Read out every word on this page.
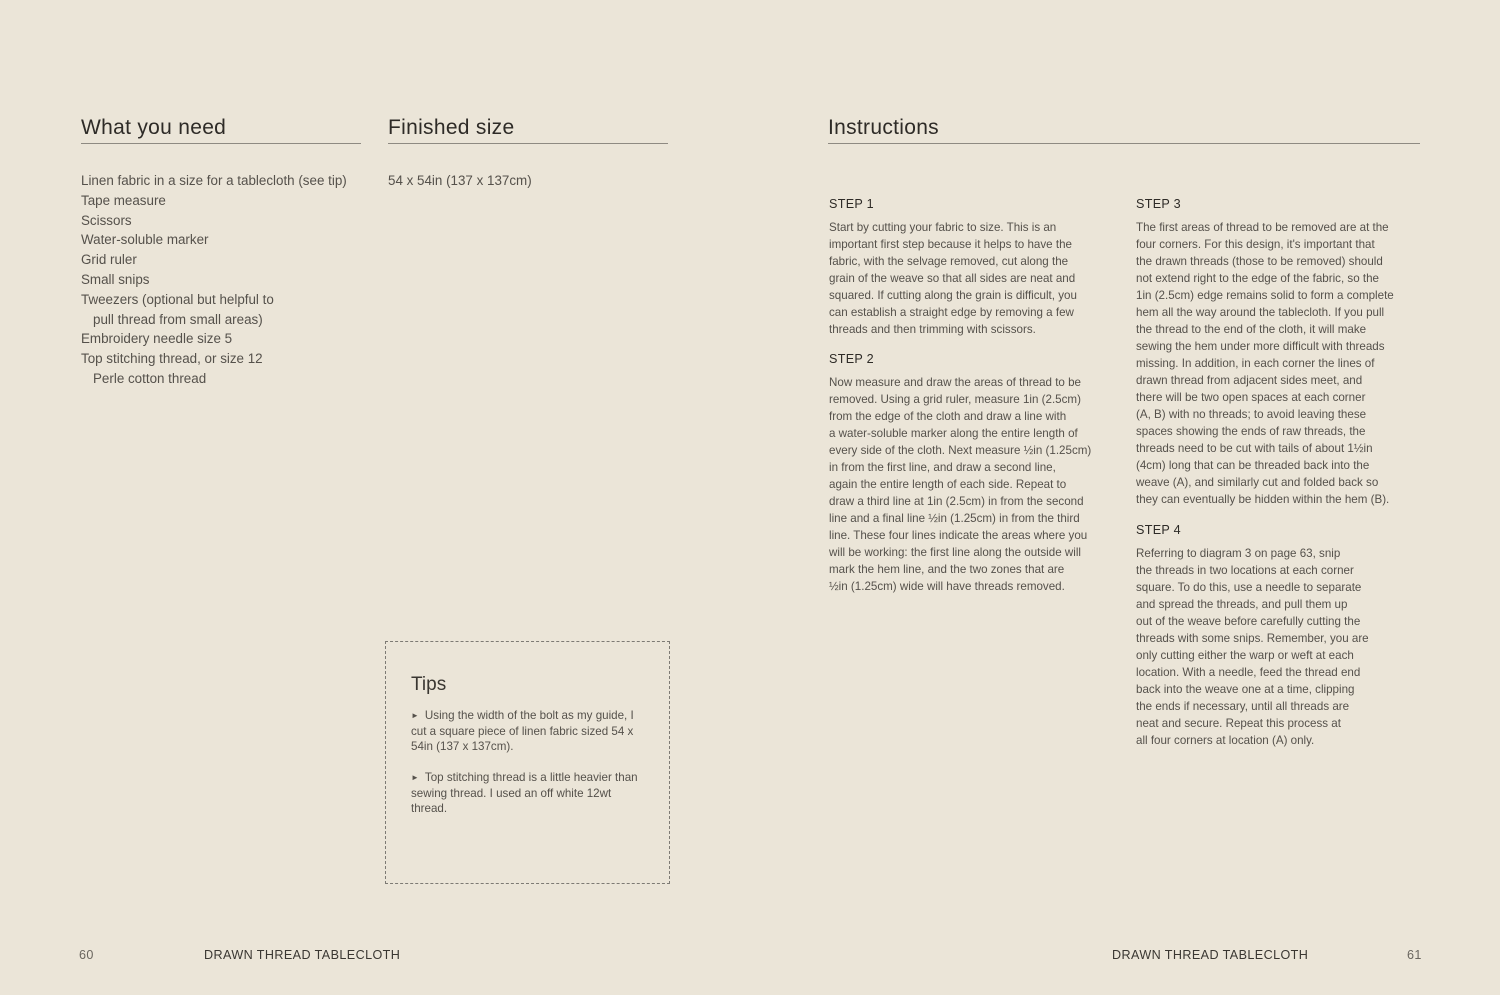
What you need	Finished size
Linen fabric in a size for a tablecloth (see tip)
Tape measure
Scissors
Water-soluble marker
Grid ruler
Small snips
Tweezers (optional but helpful to
pull thread from small areas)
Embroidery needle size 5
Top stitching thread, or size 12
Perle cotton thread
54 x 54in (137 x 137cm)
Tips
► Using the width of the bolt as my guide, I cut a square piece of linen fabric sized 54 x 54in (137 x 137cm).
► Top stitching thread is a little heavier than sewing thread. I used an off white 12wt thread.
60	DRAWN THREAD TABLECLOTH
Instructions
STEP 1
Start by cutting your fabric to size. This is an
important first step because it helps to have the
fabric, with the selvage removed, cut along the
grain of the weave so that all sides are neat and
squared. If cutting along the grain is difficult, you
can establish a straight edge by removing a few
threads and then trimming with scissors.
STEP 2
Now measure and draw the areas of thread to be
removed. Using a grid ruler, measure 1in (2.5cm)
from the edge of the cloth and draw a line with
a water-soluble marker along the entire length of
every side of the cloth. Next measure ½in (1.25cm)
in from the first line, and draw a second line,
again the entire length of each side. Repeat to
draw a third line at 1in (2.5cm) in from the second
line and a final line ½in (1.25cm) in from the third
line. These four lines indicate the areas where you
will be working: the first line along the outside will
mark the hem line, and the two zones that are
½in (1.25cm) wide will have threads removed.
STEP 3
The first areas of thread to be removed are at the
four corners. For this design, it's important that
the drawn threads (those to be removed) should
not extend right to the edge of the fabric, so the
1in (2.5cm) edge remains solid to form a complete
hem all the way around the tablecloth. If you pull
the thread to the end of the cloth, it will make
sewing the hem under more difficult with threads
missing. In addition, in each corner the lines of
drawn thread from adjacent sides meet, and
there will be two open spaces at each corner
(A, B) with no threads; to avoid leaving these
spaces showing the ends of raw threads, the
threads need to be cut with tails of about 1½in
(4cm) long that can be threaded back into the
weave (A), and similarly cut and folded back so
they can eventually be hidden within the hem (B).
STEP 4
Referring to diagram 3 on page 63, snip
the threads in two locations at each corner
square. To do this, use a needle to separate
and spread the threads, and pull them up
out of the weave before carefully cutting the
threads with some snips. Remember, you are
only cutting either the warp or weft at each
location. With a needle, feed the thread end
back into the weave one at a time, clipping
the ends if necessary, until all threads are
neat and secure. Repeat this process at
all four corners at location (A) only.
DRAWN THREAD TABLECLOTH	61
